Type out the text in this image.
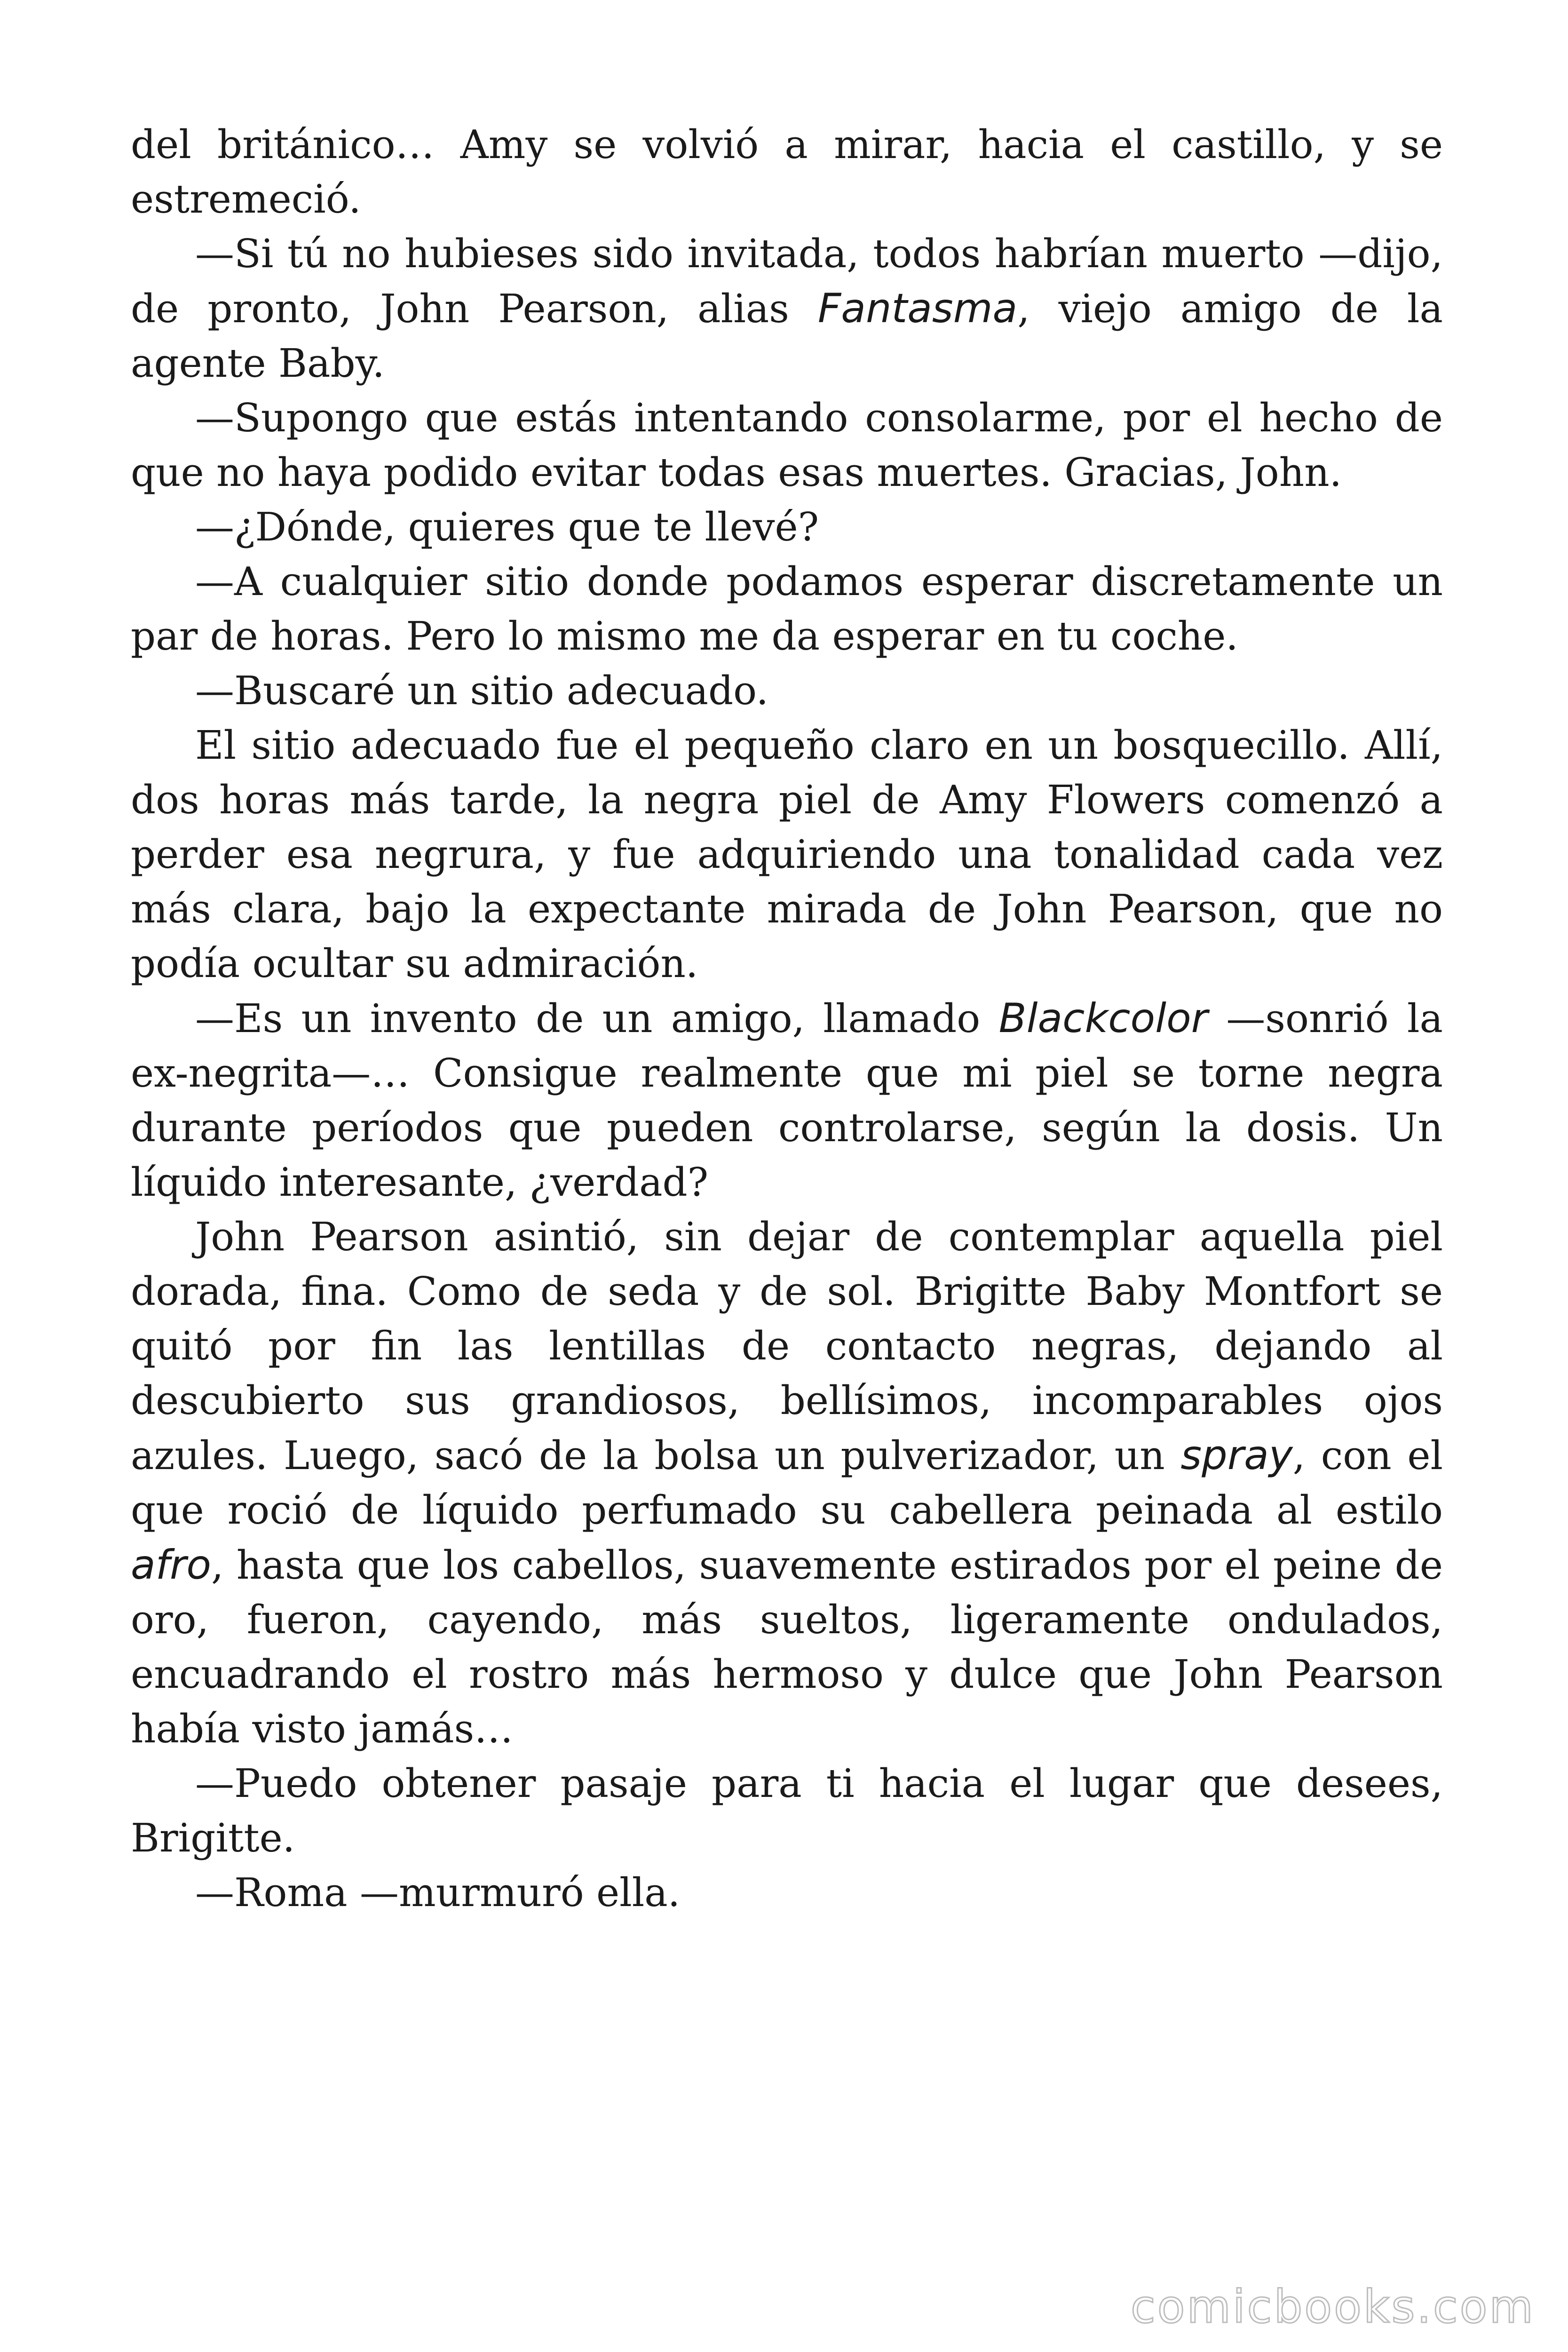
del británico… Amy se volvió a mirar, hacia el castillo, y se estremeció.

—Si tú no hubieses sido invitada, todos habrían muerto —dijo, de pronto, John Pearson, alias Fantasma, viejo amigo de la agente Baby.

—Supongo que estás intentando consolarme, por el hecho de que no haya podido evitar todas esas muertes. Gracias, John.

—¿Dónde, quieres que te llevé?

—A cualquier sitio donde podamos esperar discretamente un par de horas. Pero lo mismo me da esperar en tu coche.

—Buscaré un sitio adecuado.

El sitio adecuado fue el pequeño claro en un bosquecillo. Allí, dos horas más tarde, la negra piel de Amy Flowers comenzó a perder esa negrura, y fue adquiriendo una tonalidad cada vez más clara, bajo la expectante mirada de John Pearson, que no podía ocultar su admiración.

—Es un invento de un amigo, llamado Blackcolor —sonrió la ex-negrita—… Consigue realmente que mi piel se torne negra durante períodos que pueden controlarse, según la dosis. Un líquido interesante, ¿verdad?

John Pearson asintió, sin dejar de contemplar aquella piel dorada, fina. Como de seda y de sol. Brigitte Baby Montfort se quitó por fin las lentillas de contacto negras, dejando al descubierto sus grandiosos, bellísimos, incomparables ojos azules. Luego, sacó de la bolsa un pulverizador, un spray, con el que roció de líquido perfumado su cabellera peinada al estilo afro, hasta que los cabellos, suavemente estirados por el peine de oro, fueron, cayendo, más sueltos, ligeramente ondulados, encuadrando el rostro más hermoso y dulce que John Pearson había visto jamás…

—Puedo obtener pasaje para ti hacia el lugar que desees, Brigitte.

—Roma —murmuró ella.

comicbooks.com
